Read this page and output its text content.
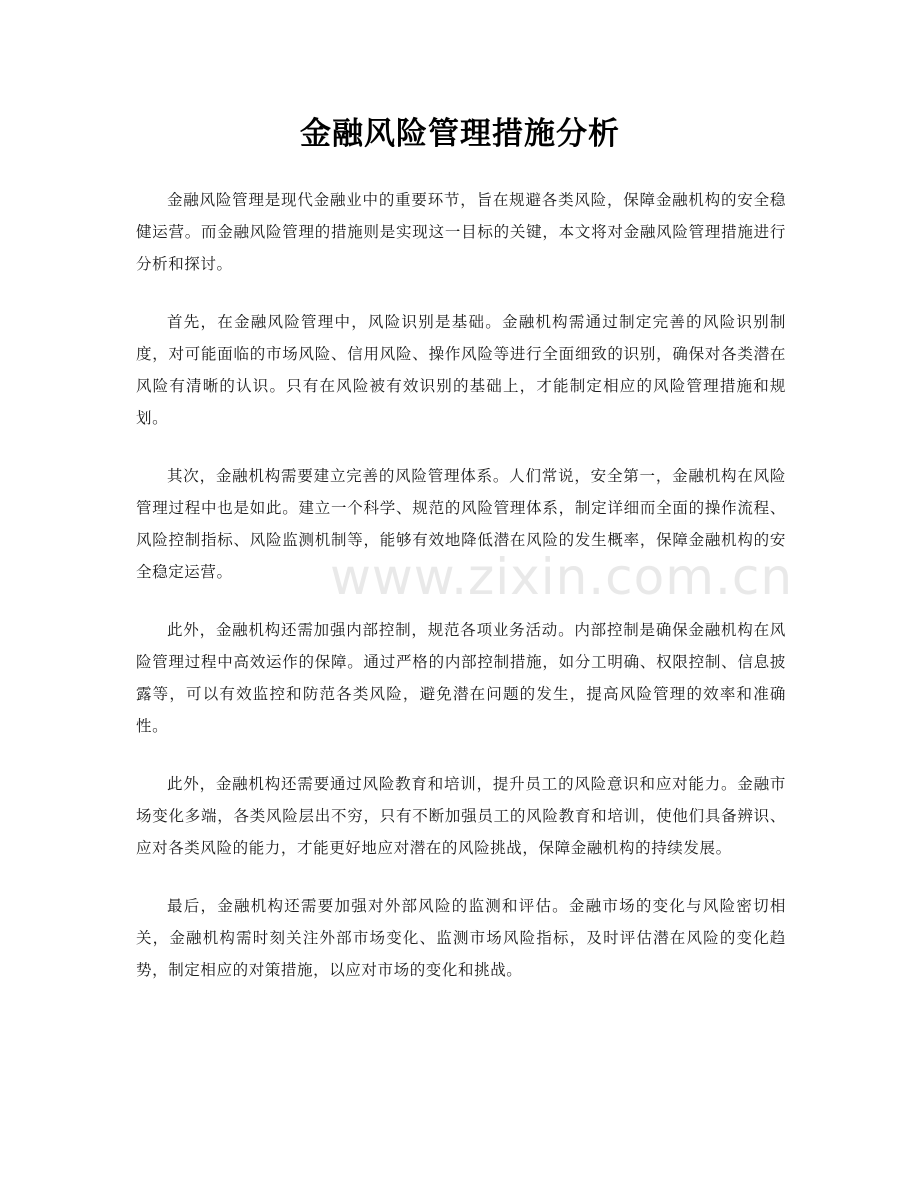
金融风险管理措施分析

金融风险管理是现代金融业中的重要环节，旨在规避各类风险，保障金融机构的安全稳健运营。而金融风险管理的措施则是实现这一目标的关键，本文将对金融风险管理措施进行分析和探讨。

首先，在金融风险管理中，风险识别是基础。金融机构需通过制定完善的风险识别制度，对可能面临的市场风险、信用风险、操作风险等进行全面细致的识别，确保对各类潜在风险有清晰的认识。只有在风险被有效识别的基础上，才能制定相应的风险管理措施和规划。

其次，金融机构需要建立完善的风险管理体系。人们常说，安全第一，金融机构在风险管理过程中也是如此。建立一个科学、规范的风险管理体系，制定详细而全面的操作流程、风险控制指标、风险监测机制等，能够有效地降低潜在风险的发生概率，保障金融机构的安全稳定运营。

此外，金融机构还需加强内部控制，规范各项业务活动。内部控制是确保金融机构在风险管理过程中高效运作的保障。通过严格的内部控制措施，如分工明确、权限控制、信息披露等，可以有效监控和防范各类风险，避免潜在问题的发生，提高风险管理的效率和准确性。

此外，金融机构还需要通过风险教育和培训，提升员工的风险意识和应对能力。金融市场变化多端，各类风险层出不穷，只有不断加强员工的风险教育和培训，使他们具备辨识、应对各类风险的能力，才能更好地应对潜在的风险挑战，保障金融机构的持续发展。

最后，金融机构还需要加强对外部风险的监测和评估。金融市场的变化与风险密切相关，金融机构需时刻关注外部市场变化、监测市场风险指标，及时评估潜在风险的变化趋势，制定相应的对策措施，以应对市场的变化和挑战。

www.zixin.com.cn
